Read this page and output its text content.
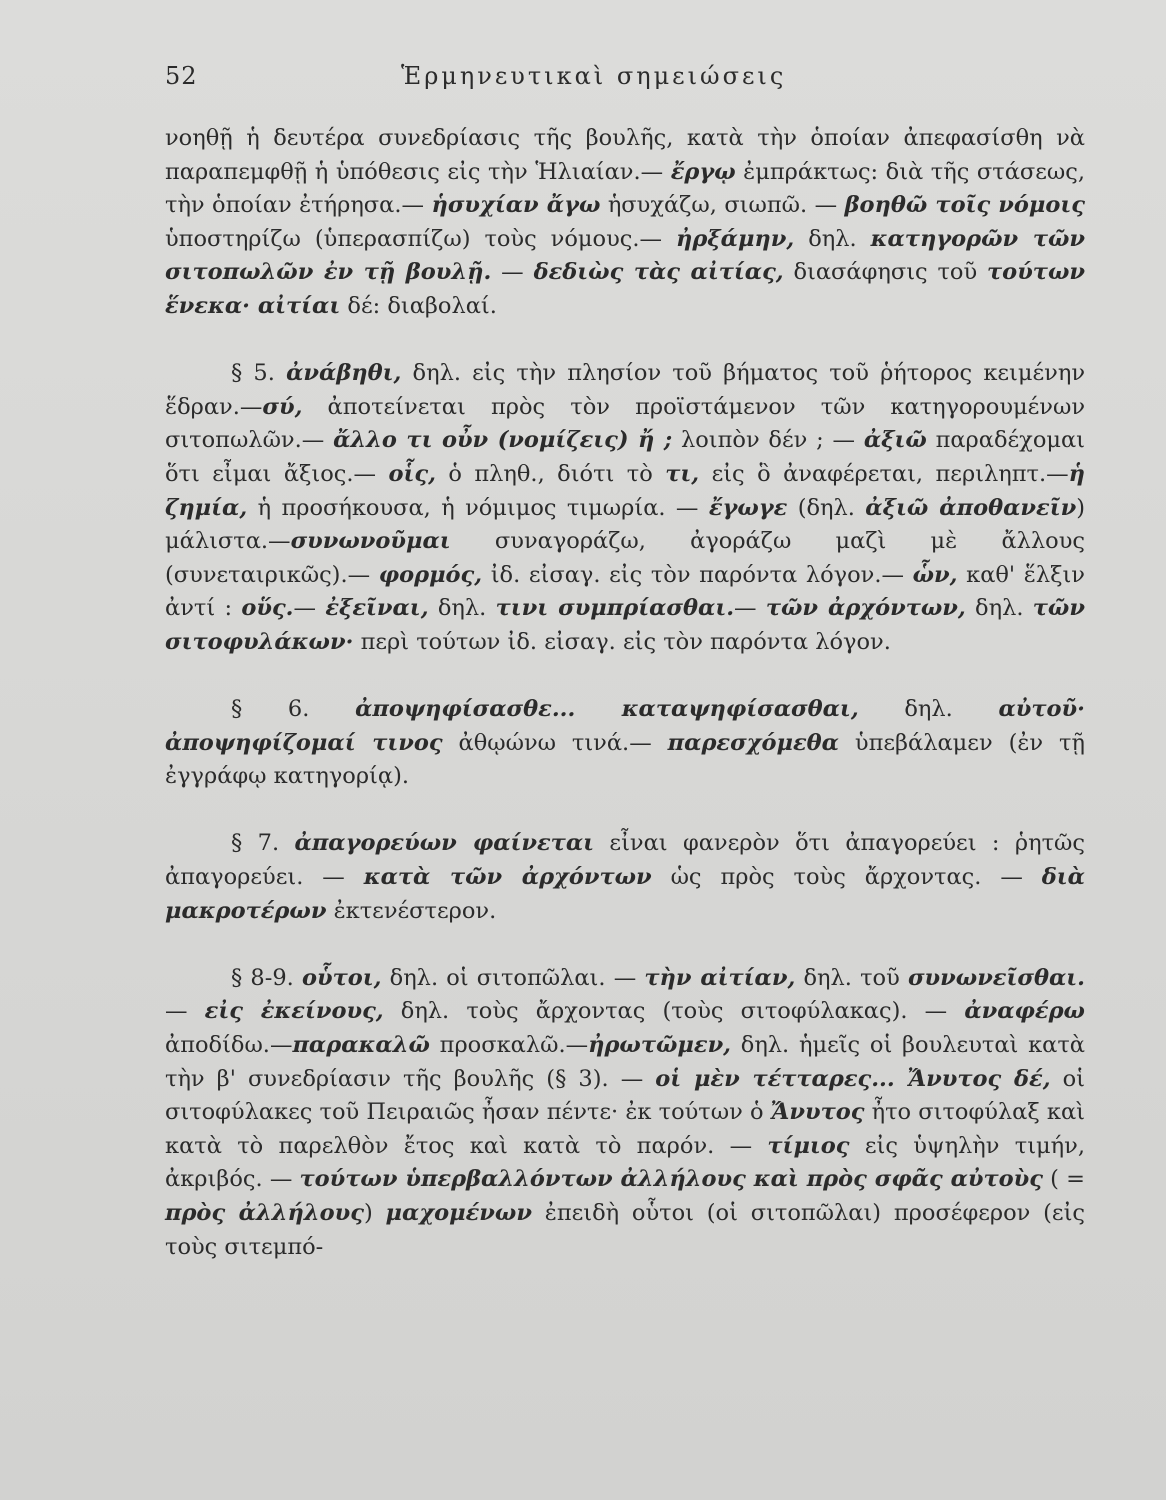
52	Ἑρμηνευτικαὶ σημειώσεις

νοηθῇ ἡ δευτέρα συνεδρίασις τῆς βουλῆς, κατὰ τὴν ὁποίαν ἀπεφασίσθη νὰ παραπεμφθῇ ἡ ὑπόθεσις εἰς τὴν Ἡλιαίαν.— ἔργῳ ἐμπράκτως: διὰ τῆς στάσεως, τὴν ὁποίαν ἐτήρησα.— ἡσυχίαν ἄγω ἡσυχάζω, σιωπῶ. — βοηθῶ τοῖς νόμοις ὑποστηρίζω (ὑπερασπίζω) τοὺς νόμους.— ἠρξάμην, δηλ. κατηγορῶν τῶν σιτοπωλῶν ἐν τῇ βουλῇ. — δεδιὼς τὰς αἰτίας, διασάφησις τοῦ τούτων ἕνεκα· αἰτίαι δέ: διαβολαί.

§ 5. ἀνάβηθι, δηλ. εἰς τὴν πλησίον τοῦ βήματος τοῦ ῥήτορος κειμένην ἕδραν.—σύ, ἀποτείνεται πρὸς τὸν προϊστάμενον τῶν κατηγορουμένων σιτοπωλῶν.— ἄλλο τι οὖν (νομίζεις) ἤ ; λοιπὸν δέν ; — ἀξιῶ παραδέχομαι ὅτι εἶμαι ἄξιος.— οἷς, ὁ πληθ., διότι τὸ τι, εἰς ὃ ἀναφέρεται, περιληπτ.—ἡ ζημία, ἡ προσήκουσα, ἡ νόμιμος τιμωρία. — ἔγωγε (δηλ. ἀξιῶ ἀποθανεῖν) μάλιστα.—συνωνοῦμαι συναγοράζω, ἀγοράζω μαζὶ μὲ ἄλλους (συνεταιρικῶς).— φορμός, ἰδ. εἰσαγ. εἰς τὸν παρόντα λόγον.— ὧν, καθ' ἕλξιν ἀντί : οὕς.— ἐξεῖναι, δηλ. τινι συμπρίασθαι.— τῶν ἀρχόντων, δηλ. τῶν σιτοφυλάκων· περὶ τούτων ἰδ. εἰσαγ. εἰς τὸν παρόντα λόγον.

§ 6. ἀποψηφίσασθε... καταψηφίσασθαι, δηλ. αὐτοῦ· ἀποψηφίζομαί τινος ἀθῳώνω τινά.— παρεσχόμεθα ὑπεβάλαμεν (ἐν τῇ ἐγγράφῳ κατηγορίᾳ).

§ 7. ἀπαγορεύων φαίνεται εἶναι φανερὸν ὅτι ἀπαγορεύει : ῥητῶς ἀπαγορεύει. — κατὰ τῶν ἀρχόντων ὡς πρὸς τοὺς ἄρχοντας. — διὰ μακροτέρων ἐκτενέστερον.

§ 8-9. οὗτοι, δηλ. οἱ σιτοπῶλαι. — τὴν αἰτίαν, δηλ. τοῦ συνωνεῖσθαι. — εἰς ἐκείνους, δηλ. τοὺς ἄρχοντας (τοὺς σιτοφύλακας). — ἀναφέρω ἀποδίδω.—παρακαλῶ προσκαλῶ.—ἠρωτῶμεν, δηλ. ἡμεῖς οἱ βουλευταὶ κατὰ τὴν β' συνεδρίασιν τῆς βουλῆς (§ 3). — οἱ μὲν τέτταρες... Ἄνυτος δέ, οἱ σιτοφύλακες τοῦ Πειραιῶς ἦσαν πέντε· ἐκ τούτων ὁ Ἄνυτος ἦτο σιτοφύλαξ καὶ κατὰ τὸ παρελθὸν ἔτος καὶ κατὰ τὸ παρόν. — τίμιος εἰς ὑψηλὴν τιμήν, ἀκριβός. — τούτων ὑπερβαλλόντων ἀλλήλους καὶ πρὸς σφᾶς αὐτοὺς ( = πρὸς ἀλλήλους) μαχομένων ἐπειδὴ οὗτοι (οἱ σιτοπῶλαι) προσέφερον (εἰς τοὺς σιτεμπό-
